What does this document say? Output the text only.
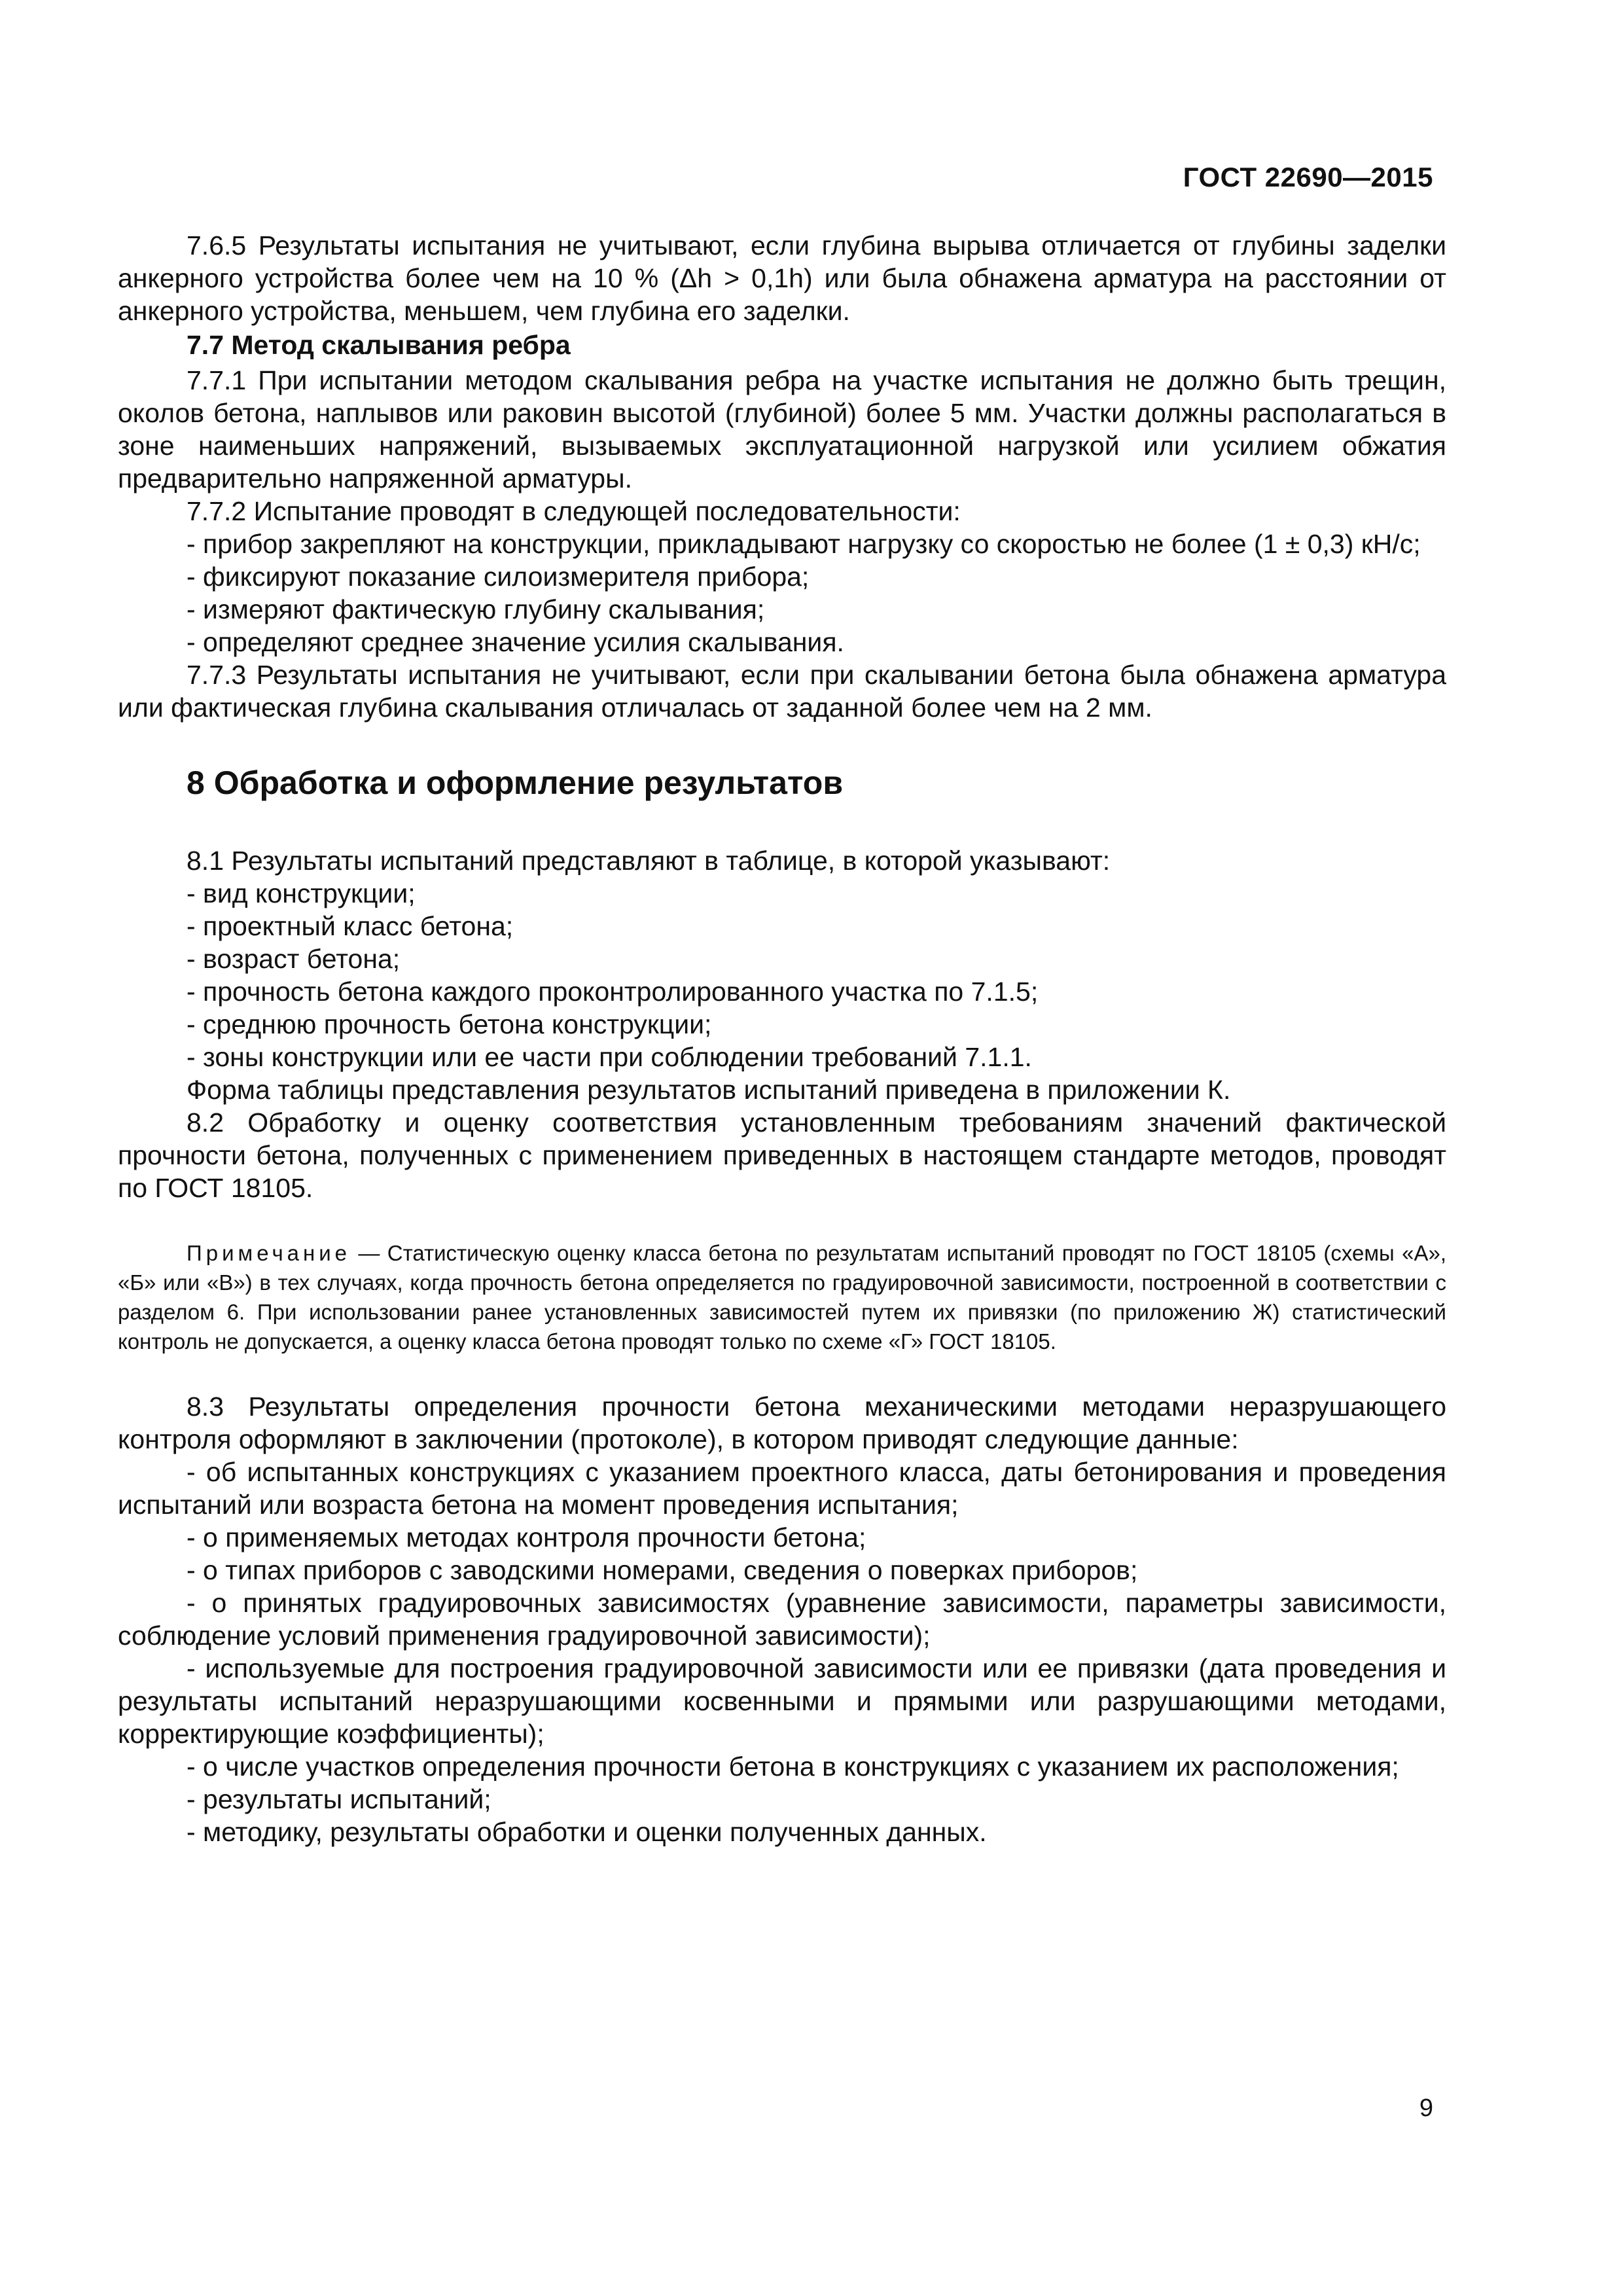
ГОСТ 22690—2015

7.6.5 Результаты испытания не учитывают, если глубина вырыва отличается от глубины заделки анкерного устройства более чем на 10 % (Δh > 0,1h) или была обнажена арматура на расстоянии от анкерного устройства, меньшем, чем глубина его заделки.

7.7 Метод скалывания ребра

7.7.1 При испытании методом скалывания ребра на участке испытания не должно быть трещин, околов бетона, наплывов или раковин высотой (глубиной) более 5 мм. Участки должны располагаться в зоне наименьших напряжений, вызываемых эксплуатационной нагрузкой или усилием обжатия предварительно напряженной арматуры.

7.7.2 Испытание проводят в следующей последовательности:

- прибор закрепляют на конструкции, прикладывают нагрузку со скоростью не более (1 ± 0,3) кН/с;

- фиксируют показание силоизмерителя прибора;

- измеряют фактическую глубину скалывания;

- определяют среднее значение усилия скалывания.

7.7.3 Результаты испытания не учитывают, если при скалывании бетона была обнажена арматура или фактическая глубина скалывания отличалась от заданной более чем на 2 мм.

8 Обработка и оформление результатов

8.1 Результаты испытаний представляют в таблице, в которой указывают:

- вид конструкции;

- проектный класс бетона;

- возраст бетона;

- прочность бетона каждого проконтролированного участка по 7.1.5;

- среднюю прочность бетона конструкции;

- зоны конструкции или ее части при соблюдении требований 7.1.1.

Форма таблицы представления результатов испытаний приведена в приложении К.

8.2 Обработку и оценку соответствия установленным требованиям значений фактической прочности бетона, полученных с применением приведенных в настоящем стандарте методов, проводят по ГОСТ 18105.

Примечание — Статистическую оценку класса бетона по результатам испытаний проводят по ГОСТ 18105 (схемы «А», «Б» или «В») в тех случаях, когда прочность бетона определяется по градуировочной зависимости, построенной в соответствии с разделом 6. При использовании ранее установленных зависимостей путем их привязки (по приложению Ж) статистический контроль не допускается, а оценку класса бетона проводят только по схеме «Г» ГОСТ 18105.

8.3 Результаты определения прочности бетона механическими методами неразрушающего контроля оформляют в заключении (протоколе), в котором приводят следующие данные:

- об испытанных конструкциях с указанием проектного класса, даты бетонирования и проведения испытаний или возраста бетона на момент проведения испытания;

- о применяемых методах контроля прочности бетона;

- о типах приборов с заводскими номерами, сведения о поверках приборов;

- о принятых градуировочных зависимостях (уравнение зависимости, параметры зависимости, соблюдение условий применения градуировочной зависимости);

- используемые для построения градуировочной зависимости или ее привязки (дата проведения и результаты испытаний неразрушающими косвенными и прямыми или разрушающими методами, корректирующие коэффициенты);

- о числе участков определения прочности бетона в конструкциях с указанием их расположения;

- результаты испытаний;

- методику, результаты обработки и оценки полученных данных.

9
